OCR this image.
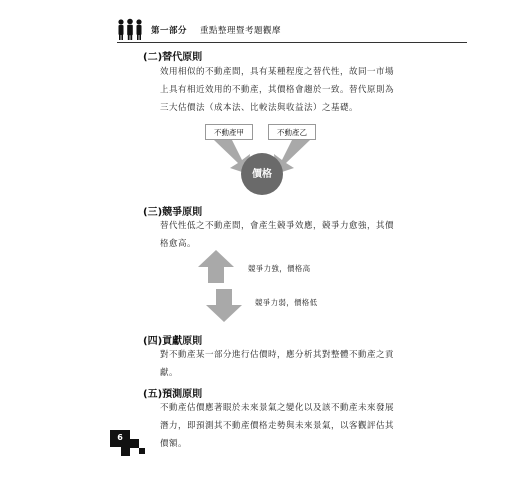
第一部分 重點整理暨考題觀摩
(二)替代原則
效用相似的不動產間，具有某種程度之替代性，故同一市場
上具有相近效用的不動產，其價格會趨於一致。替代原則為
三大估價法（成本法、比較法與收益法）之基礎。
不動產甲	不動產乙
價格
(三)競爭原則
替代性低之不動產間，會產生競爭效應，競爭力愈強，其價
格愈高。
競爭力強，價格高
競爭力弱，價格低
(四)貢獻原則
對不動產某一部分進行估價時，應分析其對整體不動產之貢
獻。
(五)預測原則
不動產估價應著眼於未來景氣之變化以及該不動產未來發展
潛力，即預測其不動產價格走勢與未來景氣，以客觀評估其
價額。
6
